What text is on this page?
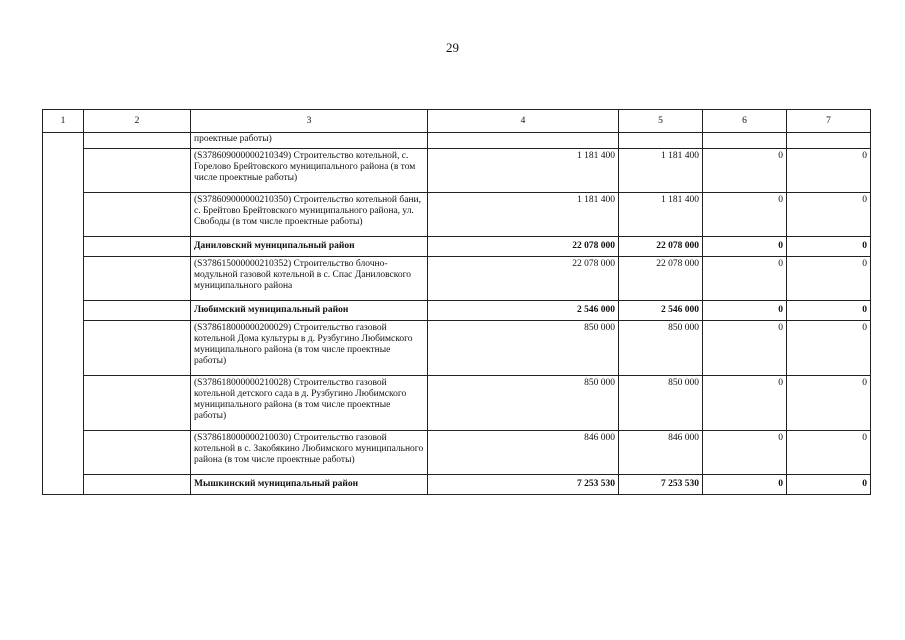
29
1	2	3	4	5	6	7
		проектные работы)				
		(S378609000000210349) Строительство котельной, с. Горелово Брейтовского муниципального района (в том числе проектные работы)	1 181 400	1 181 400	0	0
		(S378609000000210350) Строительство котельной бани, с. Брейтово Брейтовского муниципального района, ул. Свободы (в том числе проектные работы)	1 181 400	1 181 400	0	0
		Даниловский муниципальный район	22 078 000	22 078 000	0	0
		(S378615000000210352) Строительство блочно-модульной газовой котельной в с. Спас Даниловского муниципального района	22 078 000	22 078 000	0	0
		Любимский муниципальный район	2 546 000	2 546 000	0	0
		(S378618000000200029) Строительство газовой котельной Дома культуры в д. Рузбугино Любимского муниципального района (в том числе проектные работы)	850 000	850 000	0	0
		(S378618000000210028) Строительство газовой котельной детского сада в д. Рузбугино Любимского муниципального района (в том числе проектные работы)	850 000	850 000	0	0
		(S378618000000210030) Строительство газовой котельной в с. Закобякино Любимского муниципального района (в том числе проектные работы)	846 000	846 000	0	0
		Мышкинский муниципальный район	7 253 530	7 253 530	0	0
